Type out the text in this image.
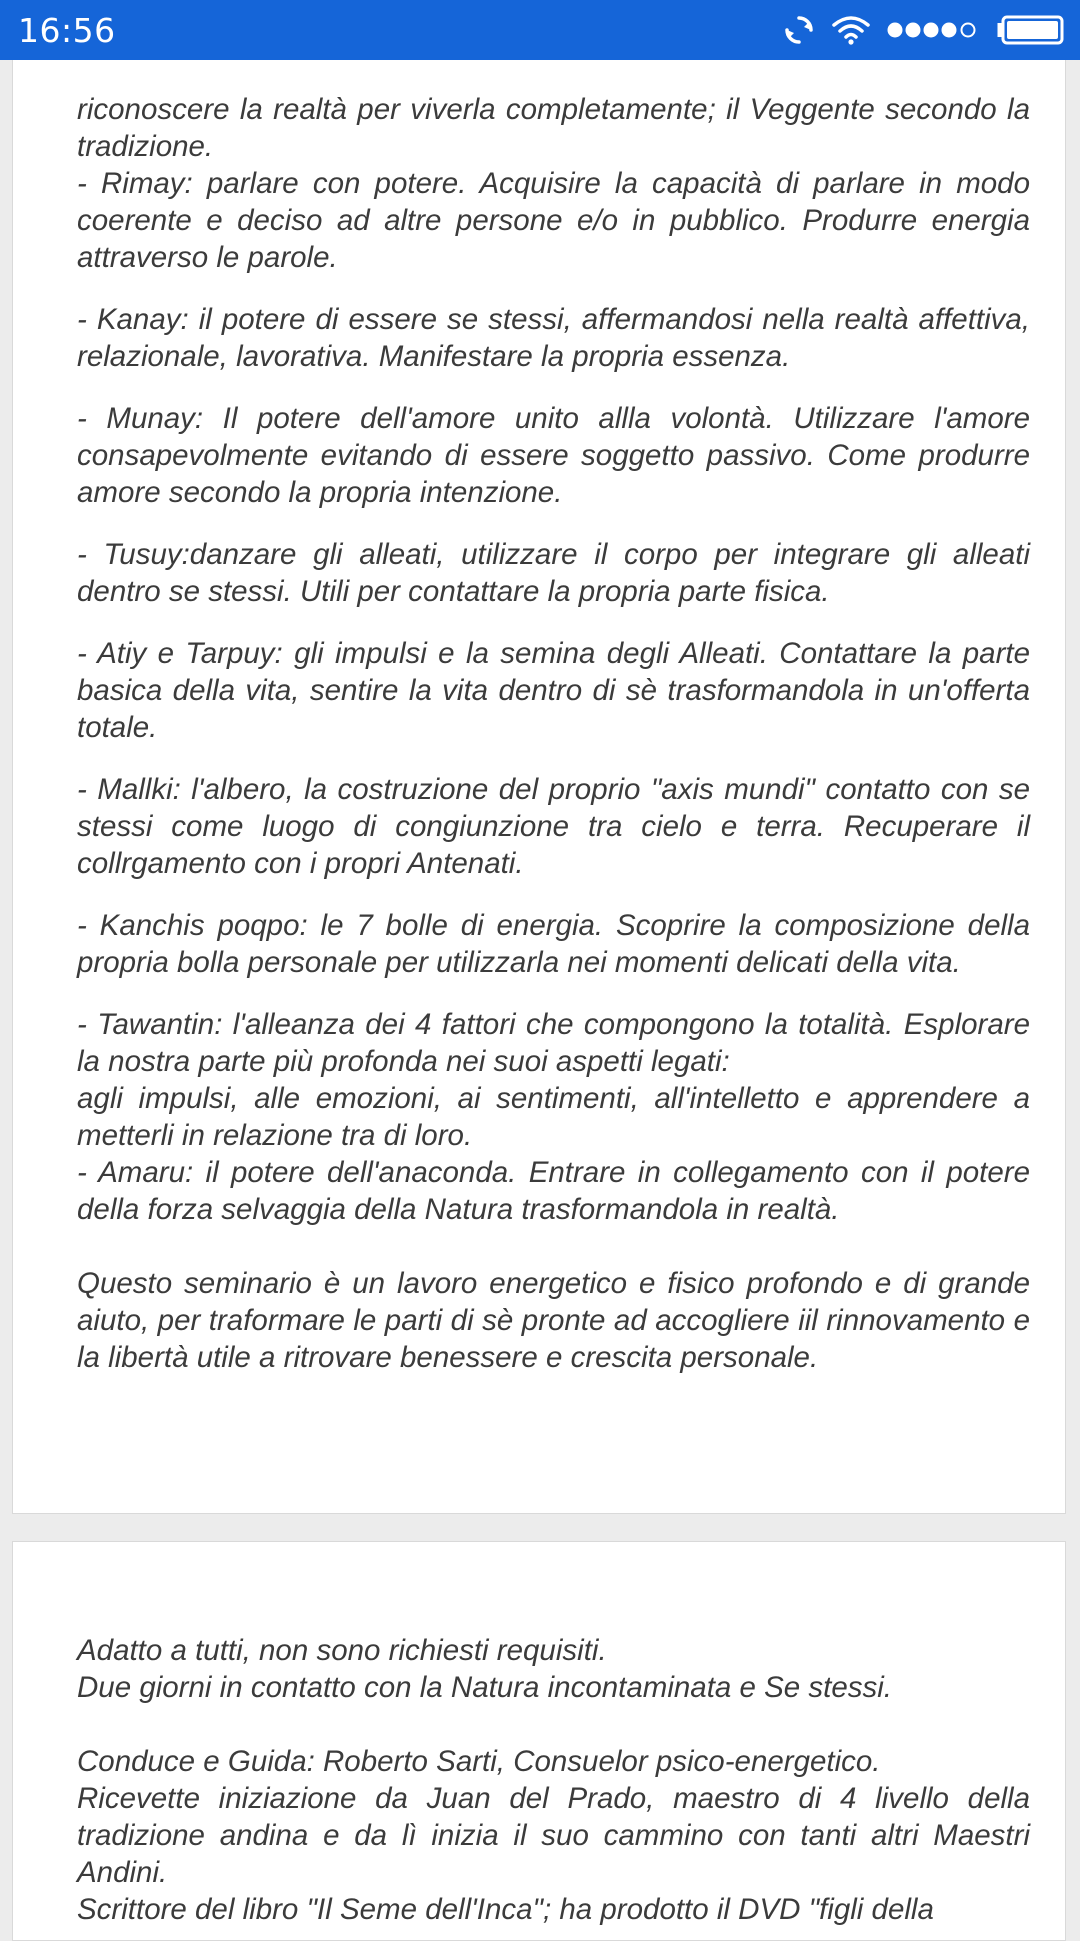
16:56

riconoscere la realtà per viverla completamente; il Veggente secondo la tradizione.

- Rimay: parlare con potere. Acquisire la capacità di parlare in modo coerente e deciso ad altre persone e/o in pubblico. Produrre energia attraverso le parole.

- Kanay: il potere di essere se stessi, affermandosi nella realtà affettiva, relazionale, lavorativa. Manifestare la propria essenza.

- Munay: Il potere dell'amore unito allla volontà. Utilizzare l'amore consapevolmente evitando di essere soggetto passivo. Come produrre amore secondo la propria intenzione.

- Tusuy:danzare gli alleati, utilizzare il corpo per integrare gli alleati dentro se stessi. Utili per contattare la propria parte fisica.

- Atiy e Tarpuy: gli impulsi e la semina degli Alleati. Contattare la parte basica della vita, sentire la vita dentro di sè trasformandola in un'offerta totale.

- Mallki: l'albero, la costruzione del proprio "axis mundi" contatto con se stessi come luogo di congiunzione tra cielo e terra. Recuperare il collrgamento con i propri Antenati.

- Kanchis poqpo: le 7 bolle di energia. Scoprire la composizione della propria bolla personale per utilizzarla nei momenti delicati della vita.

- Tawantin: l'alleanza dei 4 fattori che compongono la totalità. Esplorare la nostra parte più profonda nei suoi aspetti legati:

agli impulsi, alle emozioni, ai sentimenti, all'intelletto e apprendere a metterli in relazione tra di loro.

- Amaru: il potere dell'anaconda. Entrare in collegamento con il potere della forza selvaggia della Natura trasformandola in realtà.

Questo seminario è un lavoro energetico e fisico profondo e di grande aiuto, per traformare le parti di sè pronte ad accogliere iil rinnovamento e la libertà utile a ritrovare benessere e crescita personale.

Adatto a tutti, non sono richiesti requisiti.

Due giorni in contatto con la Natura incontaminata e Se stessi.

Conduce e Guida: Roberto Sarti, Consuelor psico-energetico.

Ricevette iniziazione da Juan del Prado, maestro di 4 livello della tradizione andina e da lì inizia il suo cammino con tanti altri Maestri Andini.

Scrittore del libro "Il Seme dell'Inca"; ha prodotto il DVD "figli della
